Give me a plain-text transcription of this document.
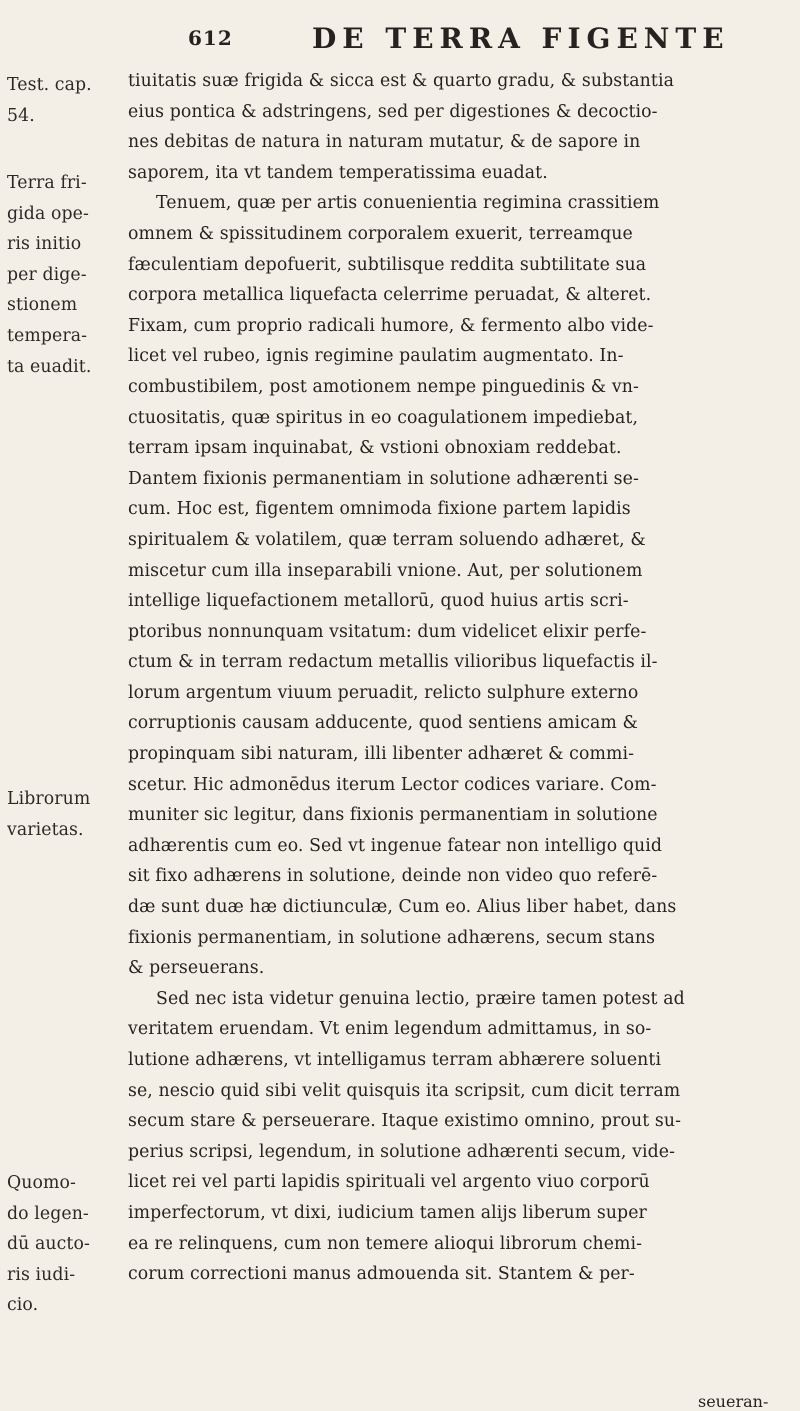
612	DE TERRA FIGENTE
Test. cap.
54.
Terra fri-
gida ope-
ris initio
per dige-
stionem
tempera-
ta euadit.
Librorum
varietas.
Quomo-
do legen-
dū aucto-
ris iudi-
cio.
tiuitatis suæ frigida & sicca est & quarto gradu, & substantia
eius pontica & adstringens, sed per digestiones & decoctio-
nes debitas de natura in naturam mutatur, & de sapore in
saporem, ita vt tandem temperatissima euadat.
Tenuem, quæ per artis conuenientia regimina crassitiem
omnem & spissitudinem corporalem exuerit, terreamque
fæculentiam depofuerit, subtilisque reddita subtilitate sua
corpora metallica liquefacta celerrime peruadat, & alteret.
Fixam, cum proprio radicali humore, & fermento albo vide-
licet vel rubeo, ignis regimine paulatim augmentato. In-
combustibilem, post amotionem nempe pinguedinis & vn-
ctuositatis, quæ spiritus in eo coagulationem impediebat,
terram ipsam inquinabat, & vstioni obnoxiam reddebat.
Dantem fixionis permanentiam in solutione adhærenti se-
cum. Hoc est, figentem omnimoda fixione partem lapidis
spiritualem & volatilem, quæ terram soluendo adhæret, &
miscetur cum illa inseparabili vnione. Aut, per solutionem
intellige liquefactionem metallorū, quod huius artis scri-
ptoribus nonnunquam vsitatum: dum videlicet elixir perfe-
ctum & in terram redactum metallis vilioribus liquefactis il-
lorum argentum viuum peruadit, relicto sulphure externo
corruptionis causam adducente, quod sentiens amicam &
propinquam sibi naturam, illi libenter adhæret & commi-
scetur. Hic admonēdus iterum Lector codices variare. Com-
muniter sic legitur, dans fixionis permanentiam in solutione
adhærentis cum eo. Sed vt ingenue fatear non intelligo quid
sit fixo adhærens in solutione, deinde non video quo referē-
dæ sunt duæ hæ dictiunculæ, Cum eo. Alius liber habet, dans
fixionis permanentiam, in solutione adhærens, secum stans
& perseuerans.
Sed nec ista videtur genuina lectio, præire tamen potest ad
veritatem eruendam. Vt enim legendum admittamus, in so-
lutione adhærens, vt intelligamus terram abhærere soluenti
se, nescio quid sibi velit quisquis ita scripsit, cum dicit terram
secum stare & perseuerare. Itaque existimo omnino, prout su-
perius scripsi, legendum, in solutione adhærenti secum, vide-
licet rei vel parti lapidis spirituali vel argento viuo corporū
imperfectorum, vt dixi, iudicium tamen alijs liberum super
ea re relinquens, cum non temere alioqui librorum chemi-
corum correctioni manus admouenda sit. Stantem & per-
seueran-
